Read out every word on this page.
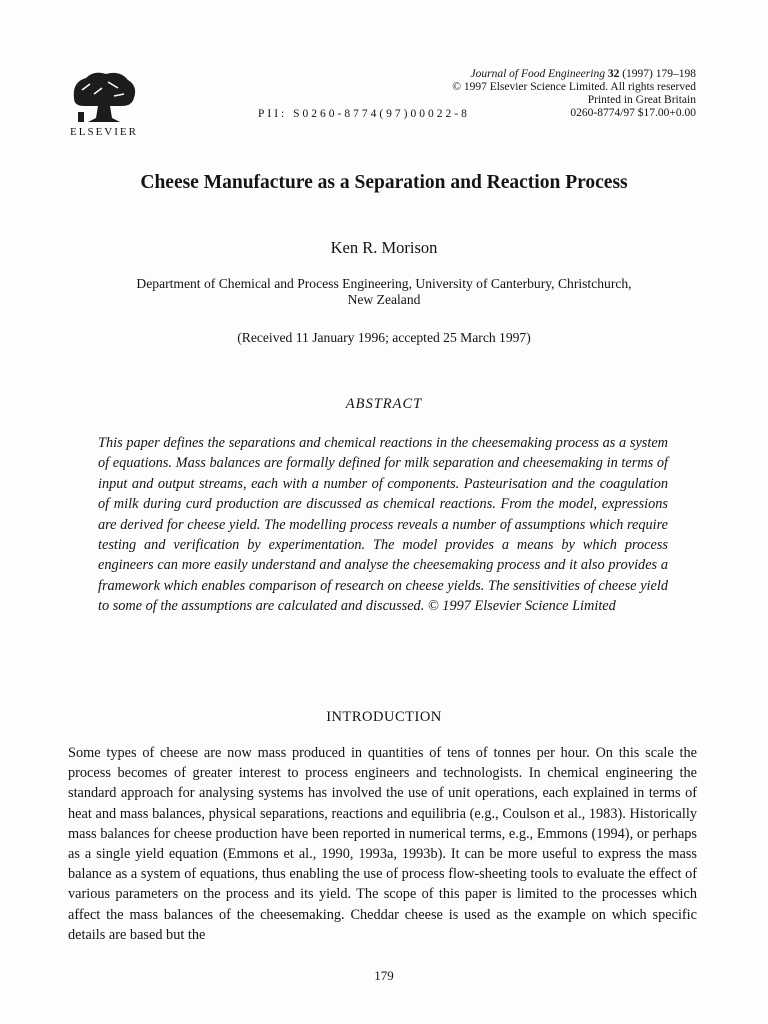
ELSEVIER
PII: S0260-8774(97)00022-8
Journal of Food Engineering 32 (1997) 179–198
© 1997 Elsevier Science Limited. All rights reserved
Printed in Great Britain
0260-8774/97 $17.00+0.00
Cheese Manufacture as a Separation and Reaction Process
Ken R. Morison
Department of Chemical and Process Engineering, University of Canterbury, Christchurch,
New Zealand
(Received 11 January 1996; accepted 25 March 1997)
ABSTRACT

This paper defines the separations and chemical reactions in the cheesemaking process as a system of equations. Mass balances are formally defined for milk separation and cheesemaking in terms of input and output streams, each with a number of components. Pasteurisation and the coagulation of milk during curd production are discussed as chemical reactions. From the model, expressions are derived for cheese yield. The modelling process reveals a number of assumptions which require testing and verification by experimentation. The model provides a means by which process engineers can more easily understand and analyse the cheesemaking process and it also provides a framework which enables comparison of research on cheese yields. The sensitivities of cheese yield to some of the assumptions are calculated and discussed. © 1997 Elsevier Science Limited

INTRODUCTION

Some types of cheese are now mass produced in quantities of tens of tonnes per hour. On this scale the process becomes of greater interest to process engineers and technologists. In chemical engineering the standard approach for analysing systems has involved the use of unit operations, each explained in terms of heat and mass balances, physical separations, reactions and equilibria (e.g., Coulson et al., 1983). Historically mass balances for cheese production have been reported in numerical terms, e.g., Emmons (1994), or perhaps as a single yield equation (Emmons et al., 1990, 1993a, 1993b). It can be more useful to express the mass balance as a system of equations, thus enabling the use of process flow-sheeting tools to evaluate the effect of various parameters on the process and its yield. The scope of this paper is limited to the processes which affect the mass balances of the cheesemaking. Cheddar cheese is used as the example on which specific details are based but the

179
